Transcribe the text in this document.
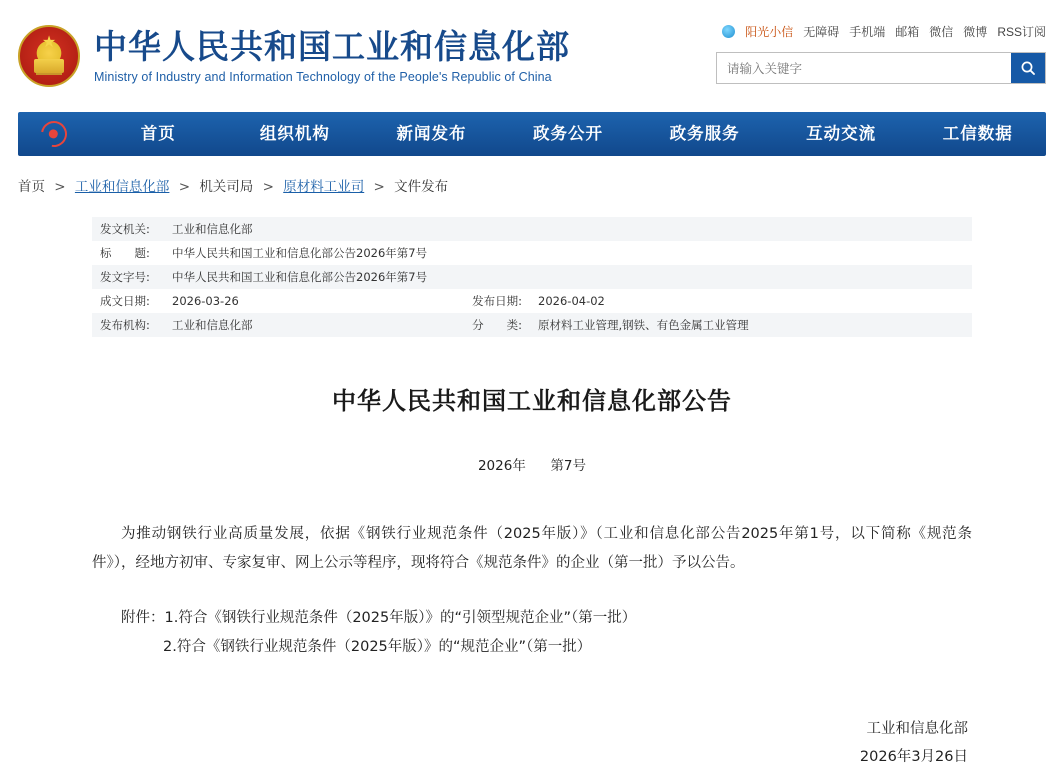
★
中华人民共和国工业和信息化部
Ministry of Industry and Information Technology of the People's Republic of China
阳光小信 无障碍 手机端 邮箱 微信 微博 RSS订阅
请输入关键字
首页	组织机构	新闻发布	政务公开	政务服务	互动交流	工信数据
首页 > 工业和信息化部 > 机关司局 > 原材料工业司 > 文件发布
发文机关:	工业和信息化部		
标　　题:	中华人民共和国工业和信息化部公告2026年第7号		
发文字号:	中华人民共和国工业和信息化部公告2026年第7号		
成文日期:	2026-03-26	发布日期:	2026-04-02
发布机构:	工业和信息化部	分　　类:	原材料工业管理,钢铁、有色金属工业管理
中华人民共和国工业和信息化部公告
2026年 第7号

为推动钢铁行业高质量发展，依据《钢铁行业规范条件（2025年版）》（工业和信息化部公告2025年第1号，以下简称《规范条件》），经地方初审、专家复审、网上公示等程序，现将符合《规范条件》的企业（第一批）予以公告。

附件：1.符合《钢铁行业规范条件（2025年版）》的“引领型规范企业”（第一批）
2.符合《钢铁行业规范条件（2025年版）》的“规范企业”（第一批）
工业和信息化部
2026年3月26日
